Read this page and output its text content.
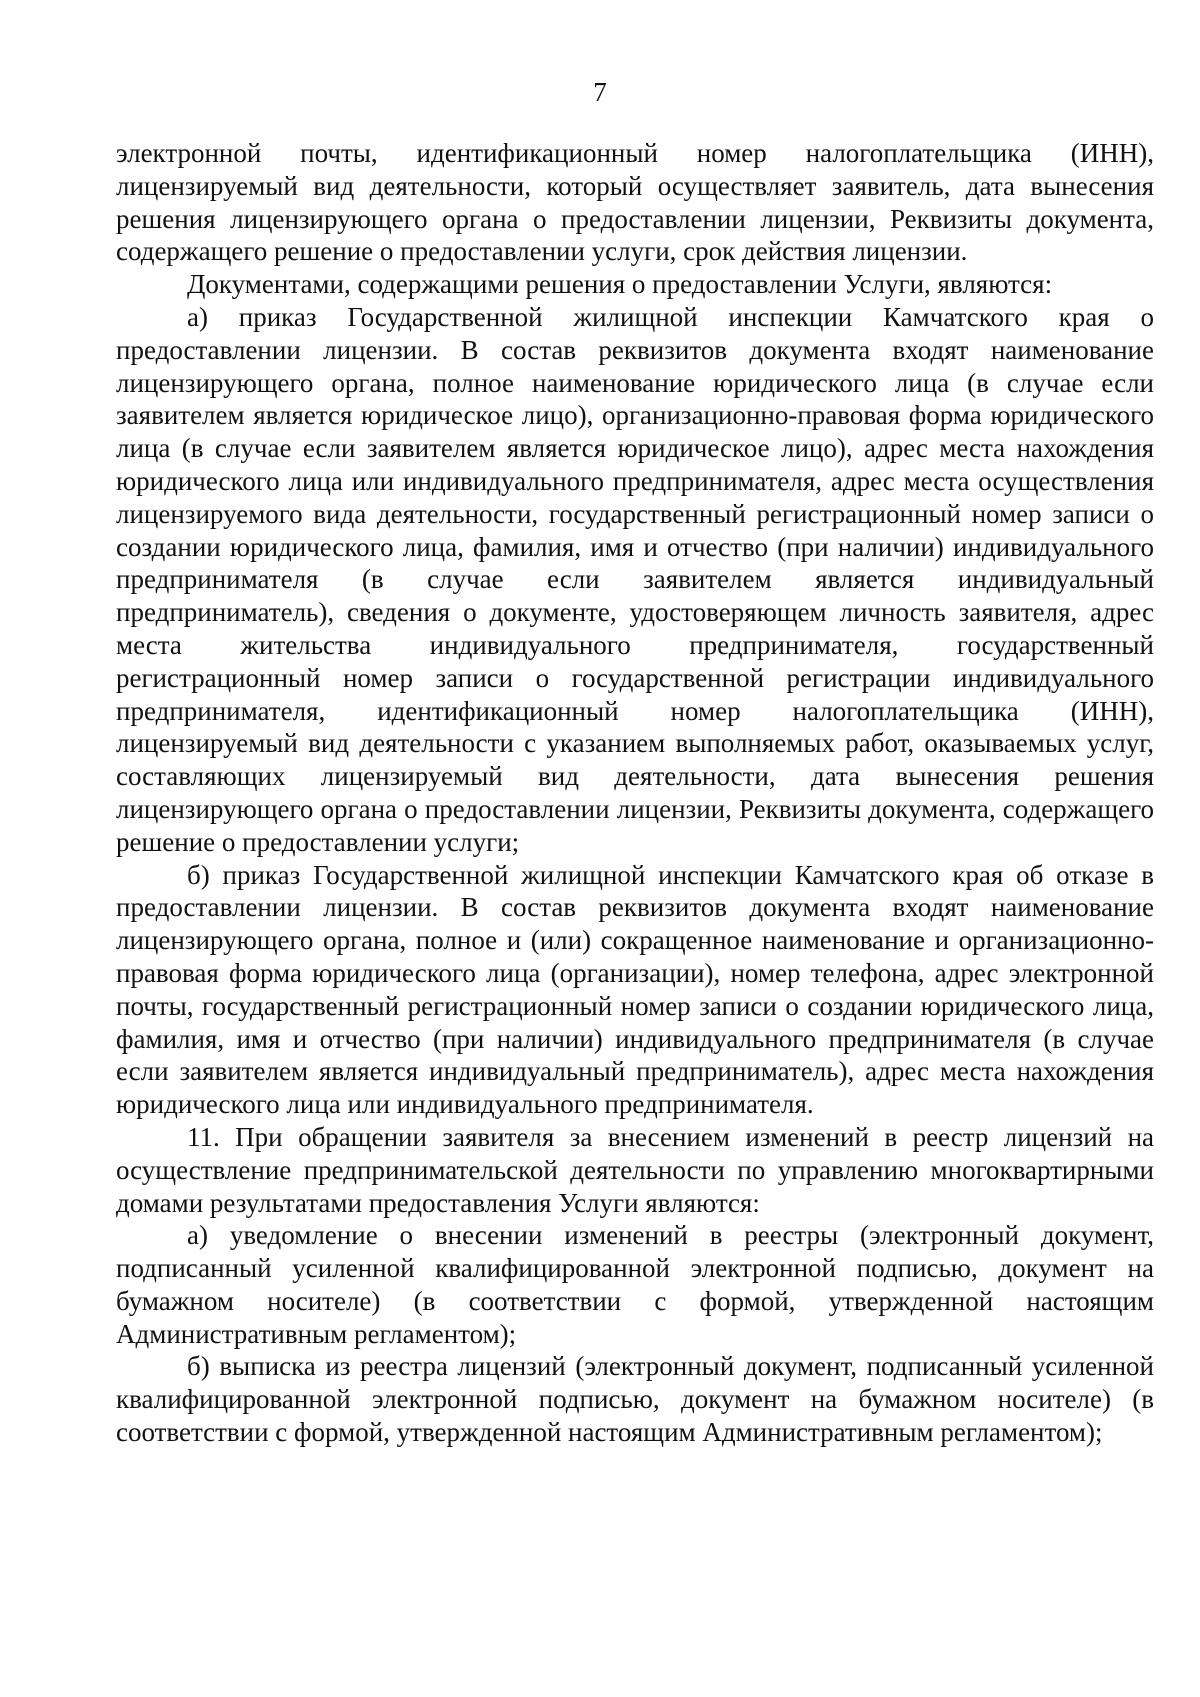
7

электронной почты, идентификационный номер налогоплательщика (ИНН), лицензируемый вид деятельности, который осуществляет заявитель, дата вынесения решения лицензирующего органа о предоставлении лицензии, Реквизиты документа, содержащего решение о предоставлении услуги, срок действия лицензии.

Документами, содержащими решения о предоставлении Услуги, являются:

а) приказ Государственной жилищной инспекции Камчатского края о предоставлении лицензии. В состав реквизитов документа входят наименование лицензирующего органа, полное наименование юридического лица (в случае если заявителем является юридическое лицо), организационно-правовая форма юридического лица (в случае если заявителем является юридическое лицо), адрес места нахождения юридического лица или индивидуального предпринимателя, адрес места осуществления лицензируемого вида деятельности, государственный регистрационный номер записи о создании юридического лица, фамилия, имя и отчество (при наличии) индивидуального предпринимателя (в случае если заявителем является индивидуальный предприниматель), сведения о документе, удостоверяющем личность заявителя, адрес места жительства индивидуального предпринимателя, государственный регистрационный номер записи о государственной регистрации индивидуального предпринимателя, идентификационный номер налогоплательщика (ИНН), лицензируемый вид деятельности с указанием выполняемых работ, оказываемых услуг, составляющих лицензируемый вид деятельности, дата вынесения решения лицензирующего органа о предоставлении лицензии, Реквизиты документа, содержащего решение о предоставлении услуги;

б) приказ Государственной жилищной инспекции Камчатского края об отказе в предоставлении лицензии. В состав реквизитов документа входят наименование лицензирующего органа, полное и (или) сокращенное наименование и организационно-правовая форма юридического лица (организации), номер телефона, адрес электронной почты, государственный регистрационный номер записи о создании юридического лица, фамилия, имя и отчество (при наличии) индивидуального предпринимателя (в случае если заявителем является индивидуальный предприниматель), адрес места нахождения юридического лица или индивидуального предпринимателя.

11. При обращении заявителя за внесением изменений в реестр лицензий на осуществление предпринимательской деятельности по управлению многоквартирными домами результатами предоставления Услуги являются:

а) уведомление о внесении изменений в реестры (электронный документ, подписанный усиленной квалифицированной электронной подписью, документ на бумажном носителе) (в соответствии с формой, утвержденной настоящим Административным регламентом);

б) выписка из реестра лицензий (электронный документ, подписанный усиленной квалифицированной электронной подписью, документ на бумажном носителе) (в соответствии с формой, утвержденной настоящим Административным регламентом);
